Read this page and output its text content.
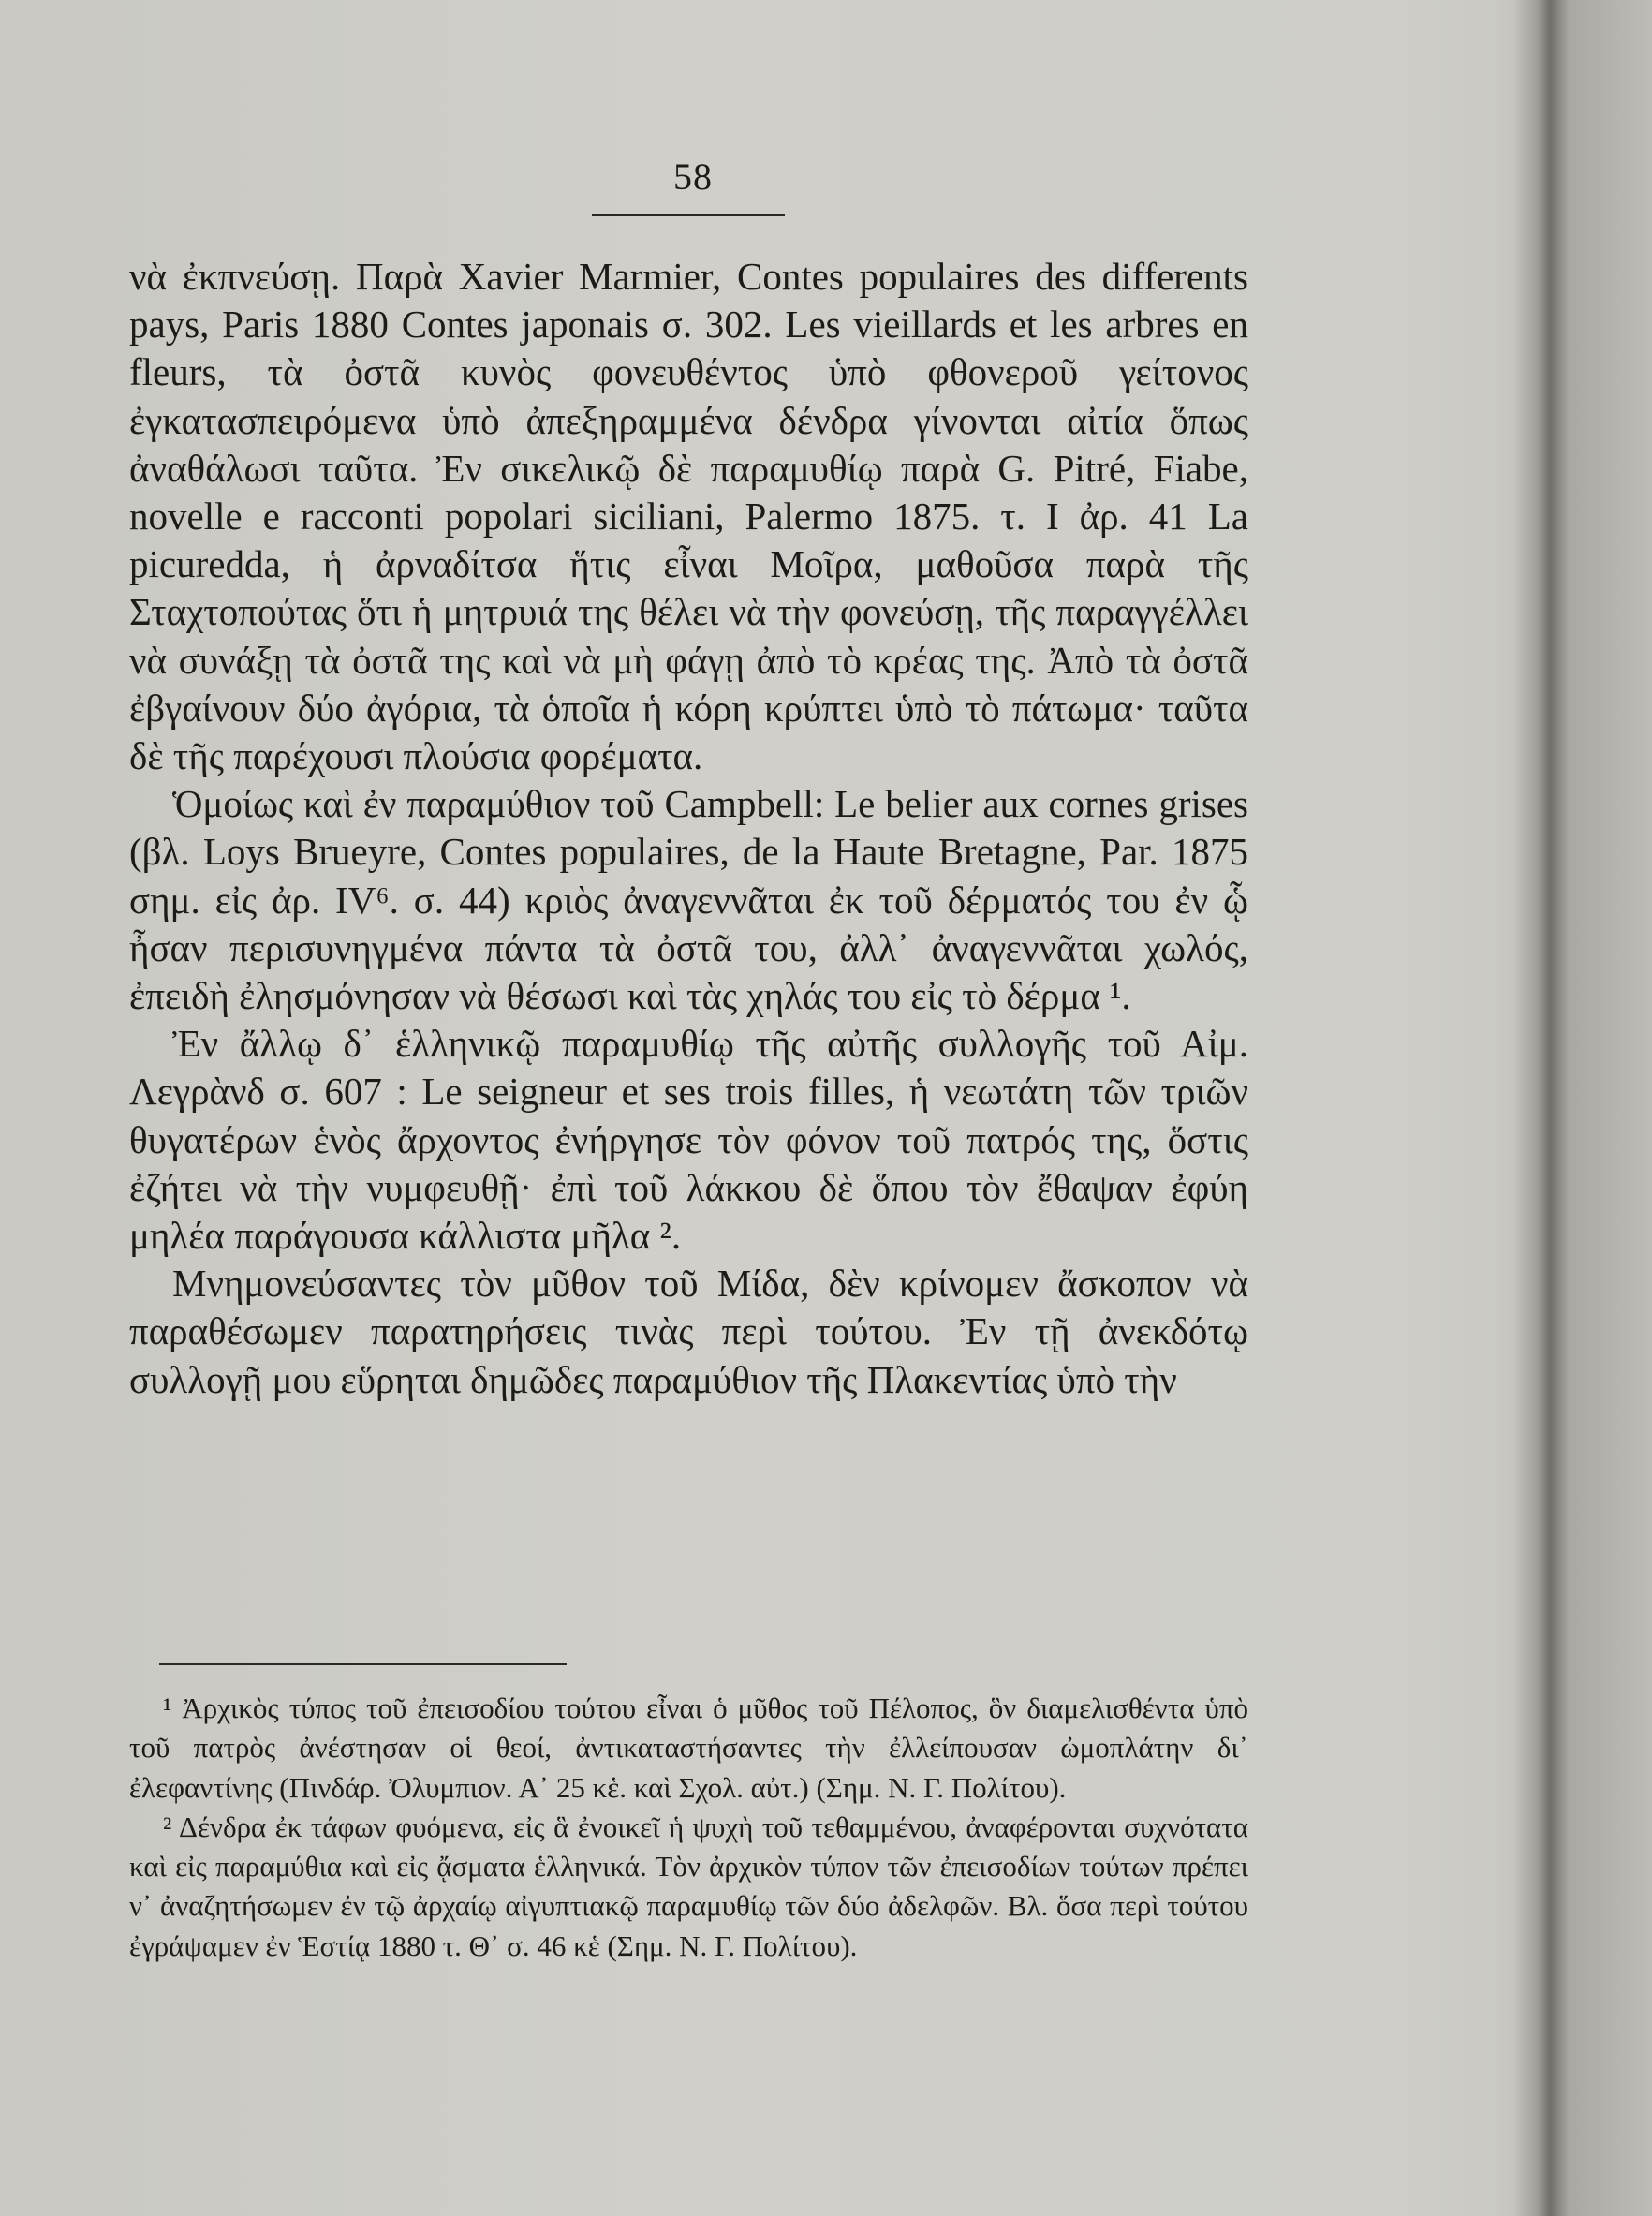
58

νὰ ἐκπνεύσῃ. Παρὰ Xavier Marmier, Contes populaires des differents pays, Paris 1880 Contes japonais σ. 302. Les vieillards et les arbres en fleurs, τὰ ὀστᾶ κυνὸς φονευθέντος ὑπὸ φθονεροῦ γείτονος ἐγκατασπειρόμενα ὑπὸ ἀπεξηραμμένα δένδρα γίνονται αἰτία ὅπως ἀναθάλωσι ταῦτα. Ἐν σικελικῷ δὲ παραμυθίῳ παρὰ G. Pitré, Fiabe, novelle e racconti popolari siciliani, Palermo 1875. τ. I ἀρ. 41 La picuredda, ἡ ἀρναδίτσα ἥτις εἶναι Μοῖρα, μαθοῦσα παρὰ τῆς Σταχτοπούτας ὅτι ἡ μητρυιά της θέλει νὰ τὴν φονεύσῃ, τῆς παραγγέλλει νὰ συνάξῃ τὰ ὀστᾶ της καὶ νὰ μὴ φάγῃ ἀπὸ τὸ κρέας της. Ἀπὸ τὰ ὀστᾶ ἐβγαίνουν δύο ἀγόρια, τὰ ὁποῖα ἡ κόρη κρύπτει ὑπὸ τὸ πάτωμα· ταῦτα δὲ τῆς παρέχουσι πλούσια φορέματα.

Ὁμοίως καὶ ἐν παραμύθιον τοῦ Campbell: Le belier aux cornes grises (βλ. Loys Brueyre, Contes populaires, de la Haute Bretagne, Par. 1875 σημ. εἰς ἀρ. IV⁶. σ. 44) κριὸς ἀναγεννᾶται ἐκ τοῦ δέρματός του ἐν ᾧ ἦσαν περισυνηγμένα πάντα τὰ ὀστᾶ του, ἀλλ᾽ ἀναγεννᾶται χωλός, ἐπειδὴ ἐλησμόνησαν νὰ θέσωσι καὶ τὰς χηλάς του εἰς τὸ δέρμα ¹.

Ἐν ἄλλῳ δ᾽ ἑλληνικῷ παραμυθίῳ τῆς αὐτῆς συλλογῆς τοῦ Αἰμ. Λεγρὰνδ σ. 607 : Le seigneur et ses trois filles, ἡ νεωτάτη τῶν τριῶν θυγατέρων ἑνὸς ἄρχοντος ἐνήργησε τὸν φόνον τοῦ πατρός της, ὅστις ἐζήτει νὰ τὴν νυμφευθῇ· ἐπὶ τοῦ λάκκου δὲ ὅπου τὸν ἔθαψαν ἐφύη μηλέα παράγουσα κάλλιστα μῆλα ².

Μνημονεύσαντες τὸν μῦθον τοῦ Μίδα, δὲν κρίνομεν ἄσκοπον νὰ παραθέσωμεν παρατηρήσεις τινὰς περὶ τούτου. Ἐν τῇ ἀνεκδότῳ συλλογῇ μου εὕρηται δημῶδες παραμύθιον τῆς Πλακεντίας ὑπὸ τὴν

¹ Ἀρχικὸς τύπος τοῦ ἐπεισοδίου τούτου εἶναι ὁ μῦθος τοῦ Πέλοπος, ὃν διαμελισθέντα ὑπὸ τοῦ πατρὸς ἀνέστησαν οἱ θεοί, ἀντικαταστήσαντες τὴν ἐλλείπουσαν ὠμοπλάτην δι᾽ ἐλεφαντίνης (Πινδάρ. Ὀλυμπιον. Α᾽ 25 κἑ. καὶ Σχολ. αὐτ.) (Σημ. Ν. Γ. Πολίτου).

² Δένδρα ἐκ τάφων φυόμενα, εἰς ἃ ἐνοικεῖ ἡ ψυχὴ τοῦ τεθαμμένου, ἀναφέρονται συχνότατα καὶ εἰς παραμύθια καὶ εἰς ᾄσματα ἑλληνικά. Τὸν ἀρχικὸν τύπον τῶν ἐπεισοδίων τούτων πρέπει ν᾽ ἀναζητήσωμεν ἐν τῷ ἀρχαίῳ αἰγυπτιακῷ παραμυθίῳ τῶν δύο ἀδελφῶν. Βλ. ὅσα περὶ τούτου ἐγράψαμεν ἐν Ἑστίᾳ 1880 τ. Θ᾽ σ. 46 κἑ (Σημ. Ν. Γ. Πολίτου).
